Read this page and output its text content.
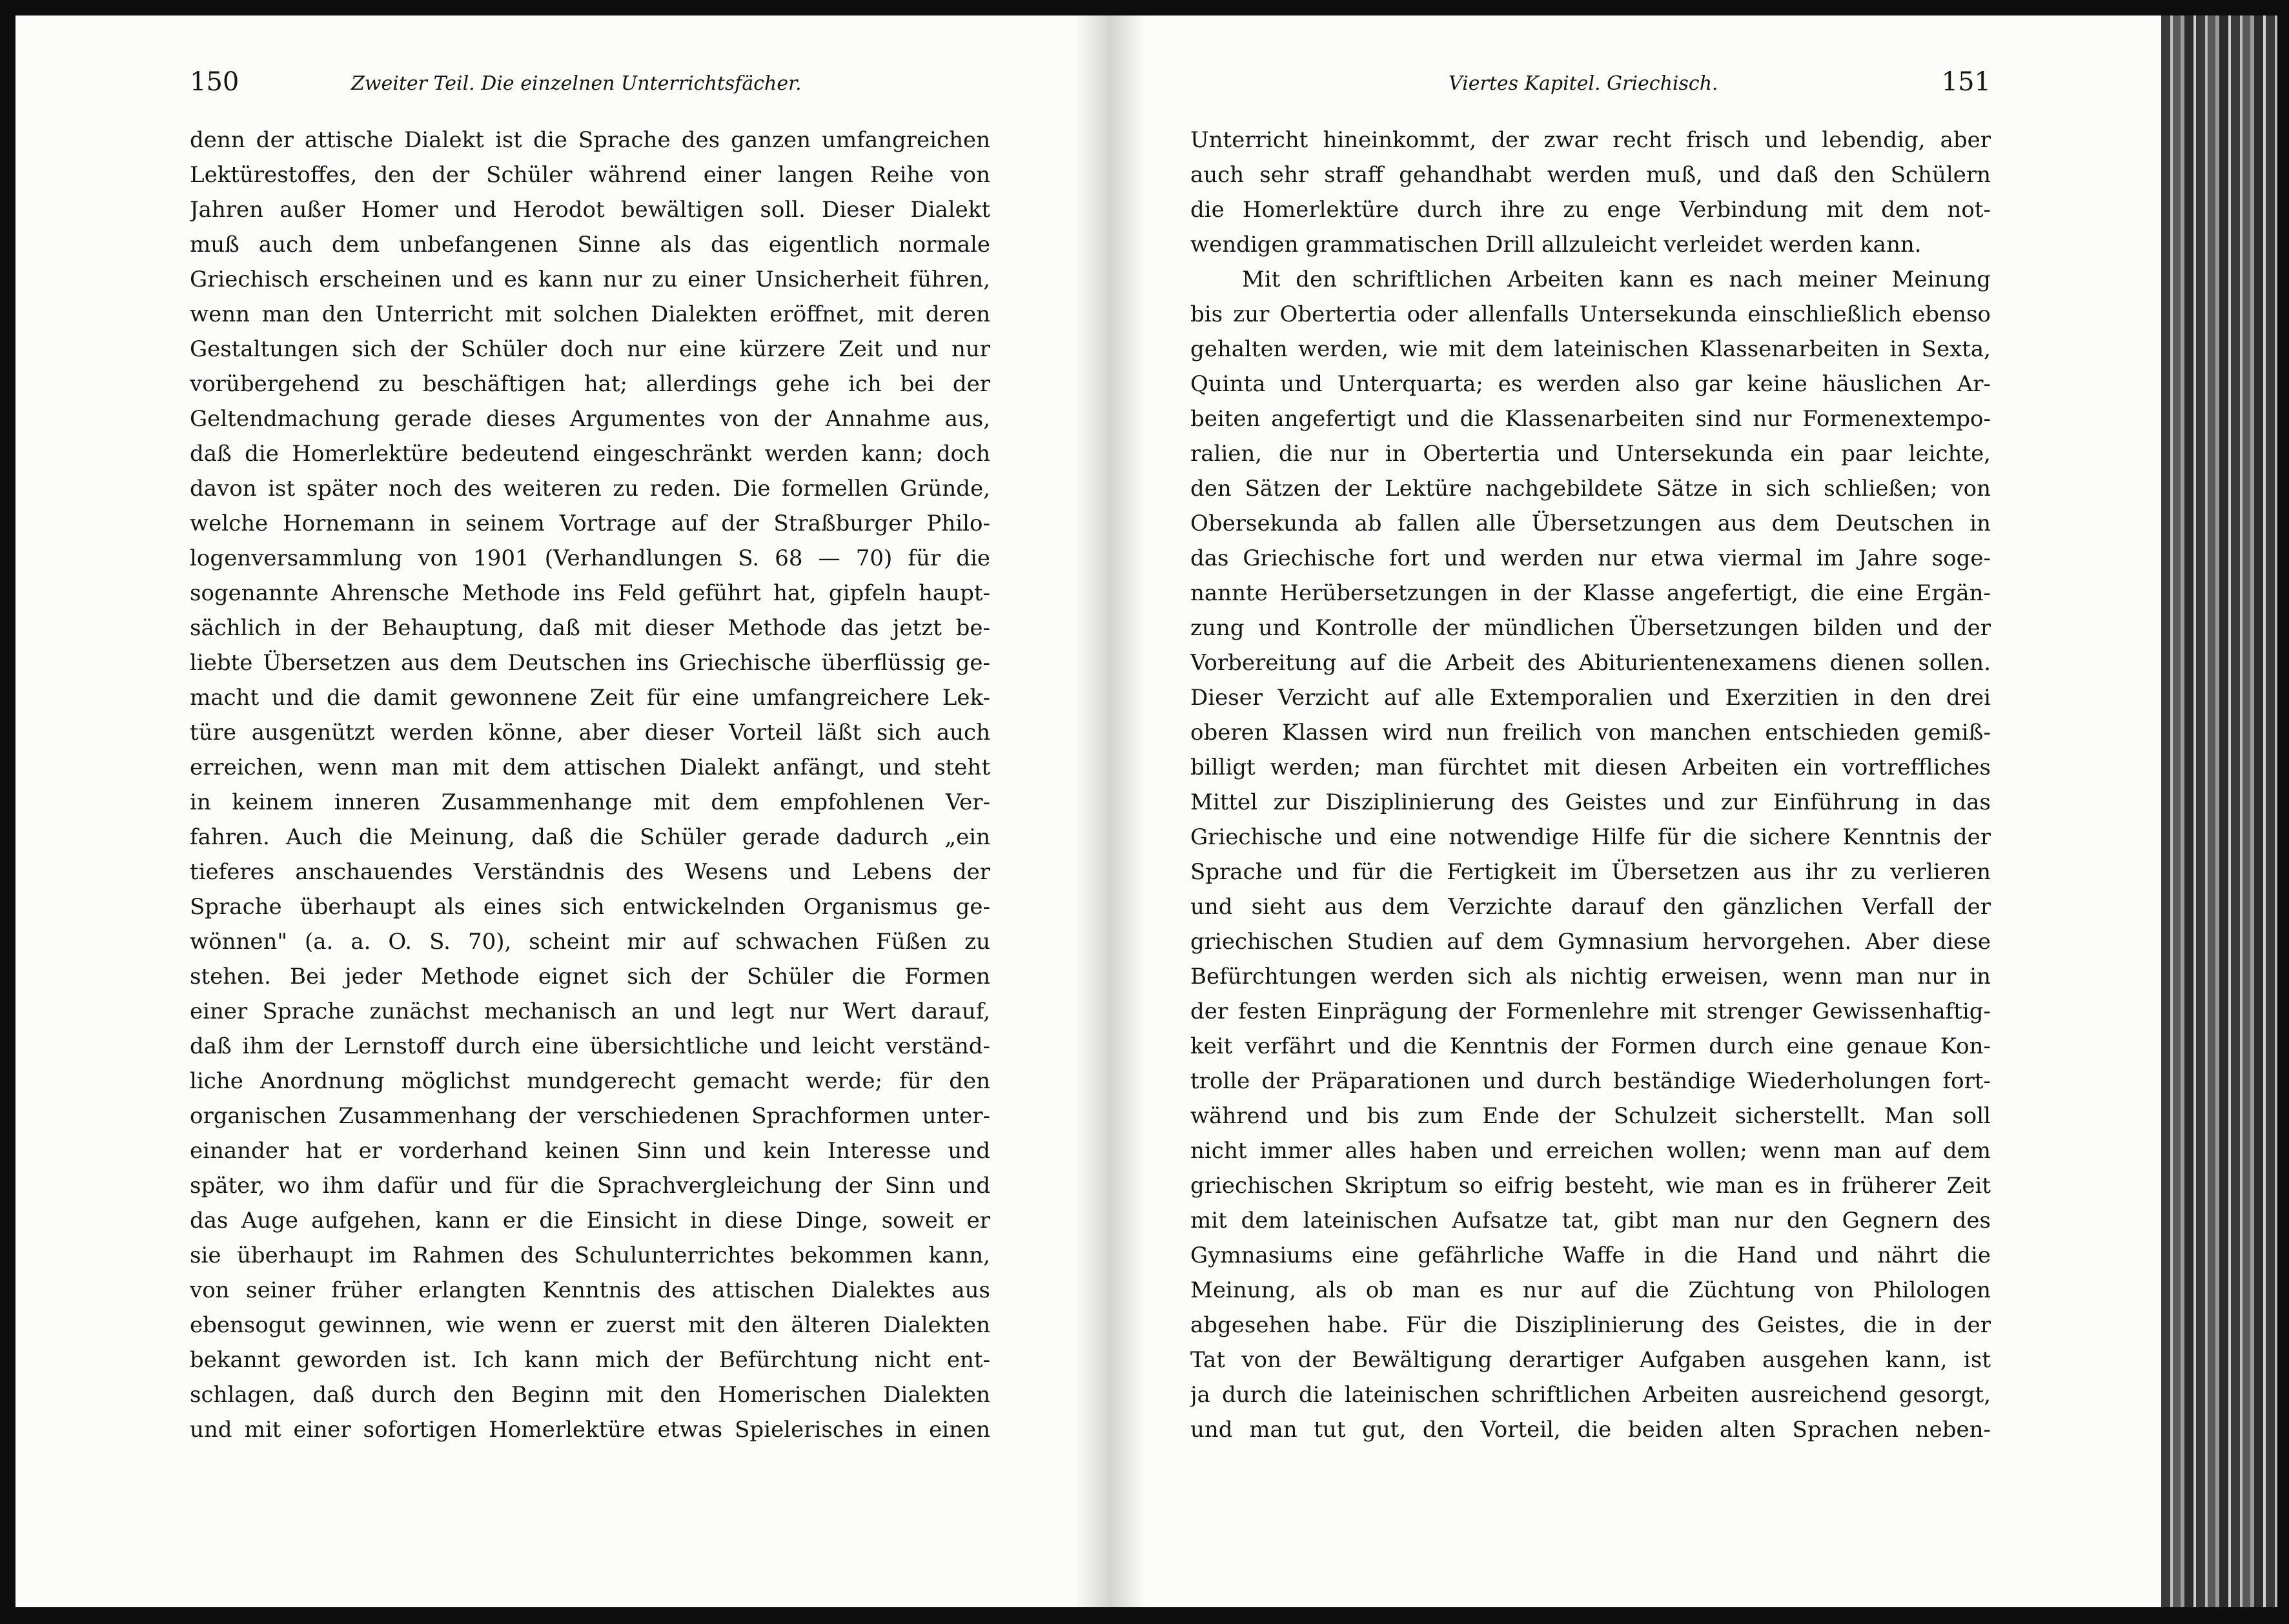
150	Zweiter Teil. Die einzelnen Unterrichtsfächer.
denn der attische Dialekt ist die Sprache des ganzen umfangreichen
Lektürestoffes, den der Schüler während einer langen Reihe von
Jahren außer Homer und Herodot bewältigen soll. Dieser Dialekt
muß auch dem unbefangenen Sinne als das eigentlich normale
Griechisch erscheinen und es kann nur zu einer Unsicherheit führen,
wenn man den Unterricht mit solchen Dialekten eröffnet, mit deren
Gestaltungen sich der Schüler doch nur eine kürzere Zeit und nur
vorübergehend zu beschäftigen hat; allerdings gehe ich bei der
Geltendmachung gerade dieses Argumentes von der Annahme aus,
daß die Homerlektüre bedeutend eingeschränkt werden kann; doch
davon ist später noch des weiteren zu reden. Die formellen Gründe,
welche Hornemann in seinem Vortrage auf der Straßburger Philo-
logenversammlung von 1901 (Verhandlungen S. 68 — 70) für die
sogenannte Ahrensche Methode ins Feld geführt hat, gipfeln haupt-
sächlich in der Behauptung, daß mit dieser Methode das jetzt be-
liebte Übersetzen aus dem Deutschen ins Griechische überflüssig ge-
macht und die damit gewonnene Zeit für eine umfangreichere Lek-
türe ausgenützt werden könne, aber dieser Vorteil läßt sich auch
erreichen, wenn man mit dem attischen Dialekt anfängt, und steht
in keinem inneren Zusammenhange mit dem empfohlenen Ver-
fahren. Auch die Meinung, daß die Schüler gerade dadurch „ein
tieferes anschauendes Verständnis des Wesens und Lebens der
Sprache überhaupt als eines sich entwickelnden Organismus ge-
wönnen" (a. a. O. S. 70), scheint mir auf schwachen Füßen zu
stehen. Bei jeder Methode eignet sich der Schüler die Formen
einer Sprache zunächst mechanisch an und legt nur Wert darauf,
daß ihm der Lernstoff durch eine übersichtliche und leicht verständ-
liche Anordnung möglichst mundgerecht gemacht werde; für den
organischen Zusammenhang der verschiedenen Sprachformen unter-
einander hat er vorderhand keinen Sinn und kein Interesse und
später, wo ihm dafür und für die Sprachvergleichung der Sinn und
das Auge aufgehen, kann er die Einsicht in diese Dinge, soweit er
sie überhaupt im Rahmen des Schulunterrichtes bekommen kann,
von seiner früher erlangten Kenntnis des attischen Dialektes aus
ebensogut gewinnen, wie wenn er zuerst mit den älteren Dialekten
bekannt geworden ist. Ich kann mich der Befürchtung nicht ent-
schlagen, daß durch den Beginn mit den Homerischen Dialekten
und mit einer sofortigen Homerlektüre etwas Spielerisches in einen
Viertes Kapitel. Griechisch.	151
Unterricht hineinkommt, der zwar recht frisch und lebendig, aber
auch sehr straff gehandhabt werden muß, und daß den Schülern
die Homerlektüre durch ihre zu enge Verbindung mit dem not-
wendigen grammatischen Drill allzuleicht verleidet werden kann.
Mit den schriftlichen Arbeiten kann es nach meiner Meinung
bis zur Obertertia oder allenfalls Untersekunda einschließlich ebenso
gehalten werden, wie mit dem lateinischen Klassenarbeiten in Sexta,
Quinta und Unterquarta; es werden also gar keine häuslichen Ar-
beiten angefertigt und die Klassenarbeiten sind nur Formenextempo-
ralien, die nur in Obertertia und Untersekunda ein paar leichte,
den Sätzen der Lektüre nachgebildete Sätze in sich schließen; von
Obersekunda ab fallen alle Übersetzungen aus dem Deutschen in
das Griechische fort und werden nur etwa viermal im Jahre soge-
nannte Herübersetzungen in der Klasse angefertigt, die eine Ergän-
zung und Kontrolle der mündlichen Übersetzungen bilden und der
Vorbereitung auf die Arbeit des Abiturientenexamens dienen sollen.
Dieser Verzicht auf alle Extemporalien und Exerzitien in den drei
oberen Klassen wird nun freilich von manchen entschieden gemiß-
billigt werden; man fürchtet mit diesen Arbeiten ein vortreffliches
Mittel zur Disziplinierung des Geistes und zur Einführung in das
Griechische und eine notwendige Hilfe für die sichere Kenntnis der
Sprache und für die Fertigkeit im Übersetzen aus ihr zu verlieren
und sieht aus dem Verzichte darauf den gänzlichen Verfall der
griechischen Studien auf dem Gymnasium hervorgehen. Aber diese
Befürchtungen werden sich als nichtig erweisen, wenn man nur in
der festen Einprägung der Formenlehre mit strenger Gewissenhaftig-
keit verfährt und die Kenntnis der Formen durch eine genaue Kon-
trolle der Präparationen und durch beständige Wiederholungen fort-
während und bis zum Ende der Schulzeit sicherstellt. Man soll
nicht immer alles haben und erreichen wollen; wenn man auf dem
griechischen Skriptum so eifrig besteht, wie man es in früherer Zeit
mit dem lateinischen Aufsatze tat, gibt man nur den Gegnern des
Gymnasiums eine gefährliche Waffe in die Hand und nährt die
Meinung, als ob man es nur auf die Züchtung von Philologen
abgesehen habe. Für die Disziplinierung des Geistes, die in der
Tat von der Bewältigung derartiger Aufgaben ausgehen kann, ist
ja durch die lateinischen schriftlichen Arbeiten ausreichend gesorgt,
und man tut gut, den Vorteil, die beiden alten Sprachen neben-
